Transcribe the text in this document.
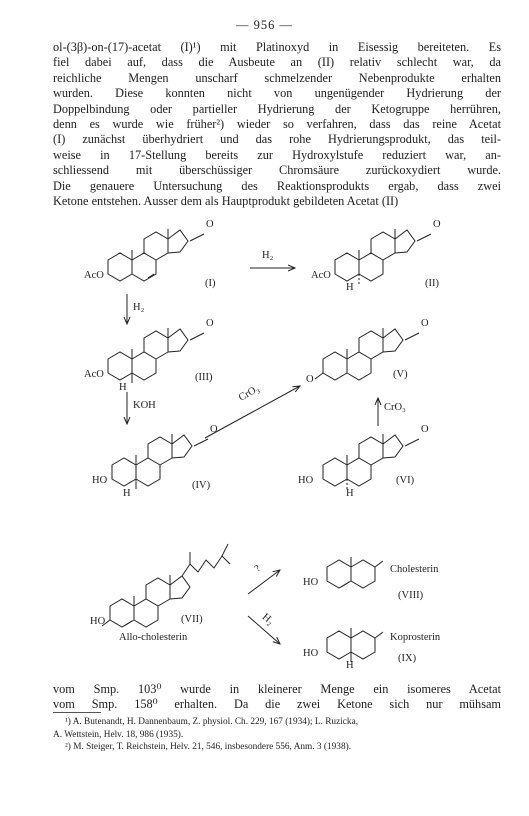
— 956 —
ol-(3β)-on-(17)-acetat (I)¹) mit Platinoxyd in Eisessig bereiteten. Es
fiel dabei auf, dass die Ausbeute an (II) relativ schlecht war, da
reichliche Mengen unscharf schmelzender Nebenprodukte erhalten
wurden. Diese konnten nicht von ungenügender Hydrierung der
Doppelbindung oder partieller Hydrierung der Ketogruppe herrühren,
denn es wurde wie früher²) wieder so verfahren, dass das reine Acetat
(I) zunächst überhydriert und das rohe Hydrierungsprodukt, das teil-
weise in 17-Stellung bereits zur Hydroxylstufe reduziert war, an-
schliessend mit überschüssiger Chromsäure zurückoxydiert wurde.
Die genauere Untersuchung des Reaktionsprodukts ergab, dass zwei
Ketone entstehen. Ausser dem als Hauptprodukt gebildeten Acetat (II)
O	O
O	O
O
O	O
AcO	AcO
AcO
HO	HO
HO
HO
HO
H
H
H	H
H
(I)	(II)
(III)
(IV)
(V)
(VI)
(VII)
(VIII)
(IX)
H₂
H₂
KOH
CrO₃
CrO₃
?
H₂
Allo-cholesterin
Cholesterin
Koprosterin
vom Smp. 103⁰ wurde in kleinerer Menge ein isomeres Acetat
vom Smp. 158⁰ erhalten. Da die zwei Ketone sich nur mühsam
¹) A. Butenandt, H. Dannenbaum, Z. physiol. Ch. 229, 167 (1934); L. Ruzicka,
A. Wettstein, Helv. 18, 986 (1935).
²) M. Steiger, T. Reichstein, Helv. 21, 546, insbesondere 556, Anm. 3 (1938).
